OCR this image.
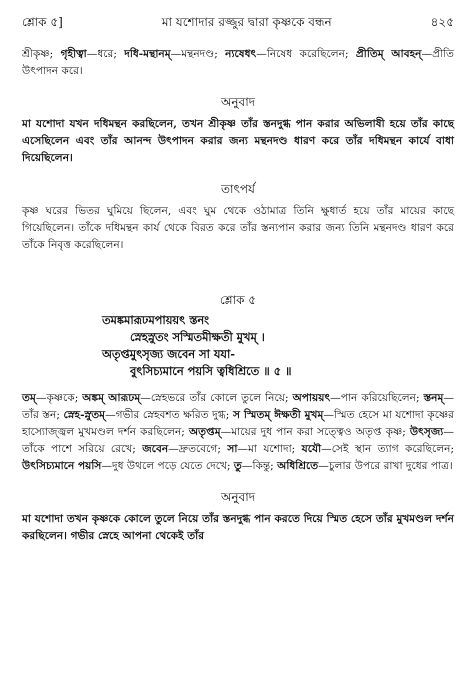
শ্লোক ৫]	মা যশোদার রজ্জুর দ্বারা কৃষ্ণকে বন্ধন	৪২৫

শ্রীকৃষ্ণ; গৃহীত্বা—ধরে; দধি-মন্থানম্—মন্থনদণ্ড; ন্যষেধৎ—নিষেধ করেছিলেন; প্রীতিম্ আবহন্—প্রীতি উৎপাদন করে।

অনুবাদ

মা যশোদা যখন দধিমন্থন করছিলেন, তখন শ্রীকৃষ্ণ তাঁর স্তনদুগ্ধ পান করার অভিলাষী হয়ে তাঁর কাছে এসেছিলেন এবং তাঁর আনন্দ উৎপাদন করার জন্য মন্থনদণ্ড ধারণ করে তাঁর দধিমন্থন কার্যে বাধা দিয়েছিলেন।

তাৎপর্য

কৃষ্ণ ঘরের ভিতর ঘুমিয়ে ছিলেন, এবং ঘুম থেকে ওঠামাত্র তিনি ক্ষুধার্ত হয়ে তাঁর মায়ের কাছে গিয়েছিলেন। তাঁকে দধিমন্থন কার্য থেকে বিরত করে তাঁর স্তন্যপান করার জন্য তিনি মন্থনদণ্ড ধারণ করে তাঁকে নিবৃত্ত করেছিলেন।

শ্লোক ৫
তমঙ্কমারূঢমপায়য়ৎ স্তনং
স্নেহস্নুতং সস্মিতমীক্ষতী মুখম্ ।
অতৃপ্তমুৎসৃজ্য জবেন সা যযা-
বুৎসিচ্যমানে পয়সি ত্বধিশ্রিতে ॥ ৫ ॥

তম্—কৃষ্ণকে; অঙ্কম্ আরূঢম্—স্নেহভরে তাঁর কোলে তুলে নিয়ে; অপায়য়ৎ—পান করিয়েছিলেন; স্তনম্—তাঁর স্তন; স্নেহ-স্নুতম্—গভীর স্নেহবশত ক্ষরিত দুগ্ধ; স স্মিতম্ ঈক্ষতী মুখম্—স্মিত হেসে মা যশোদা কৃষ্ণের হাস্যোজ্জ্বল মুখমণ্ডল দর্শন করছিলেন; অতৃপ্তম্—মায়ের দুধ পান করা সত্ত্বেও অতৃপ্ত কৃষ্ণ; উৎসৃজ্য—তাঁকে পাশে সরিয়ে রেখে; জবেন—দ্রুতবেগে; সা—মা যশোদা; যযৌ—সেই স্থান ত্যাগ করেছিলেন; উৎসিচ্যমানে পয়সি—দুধ উথলে পড়ে যেতে দেখে; তু—কিন্তু; অধিশ্রিতে—চুলার উপরে রাখা দুধের পাত্র।

অনুবাদ

মা যশোদা তখন কৃষ্ণকে কোলে তুলে নিয়ে তাঁর স্তনদুগ্ধ পান করতে দিয়ে স্মিত হেসে তাঁর মুখমণ্ডল দর্শন করছিলেন। গভীর স্নেহে আপনা থেকেই তাঁর
